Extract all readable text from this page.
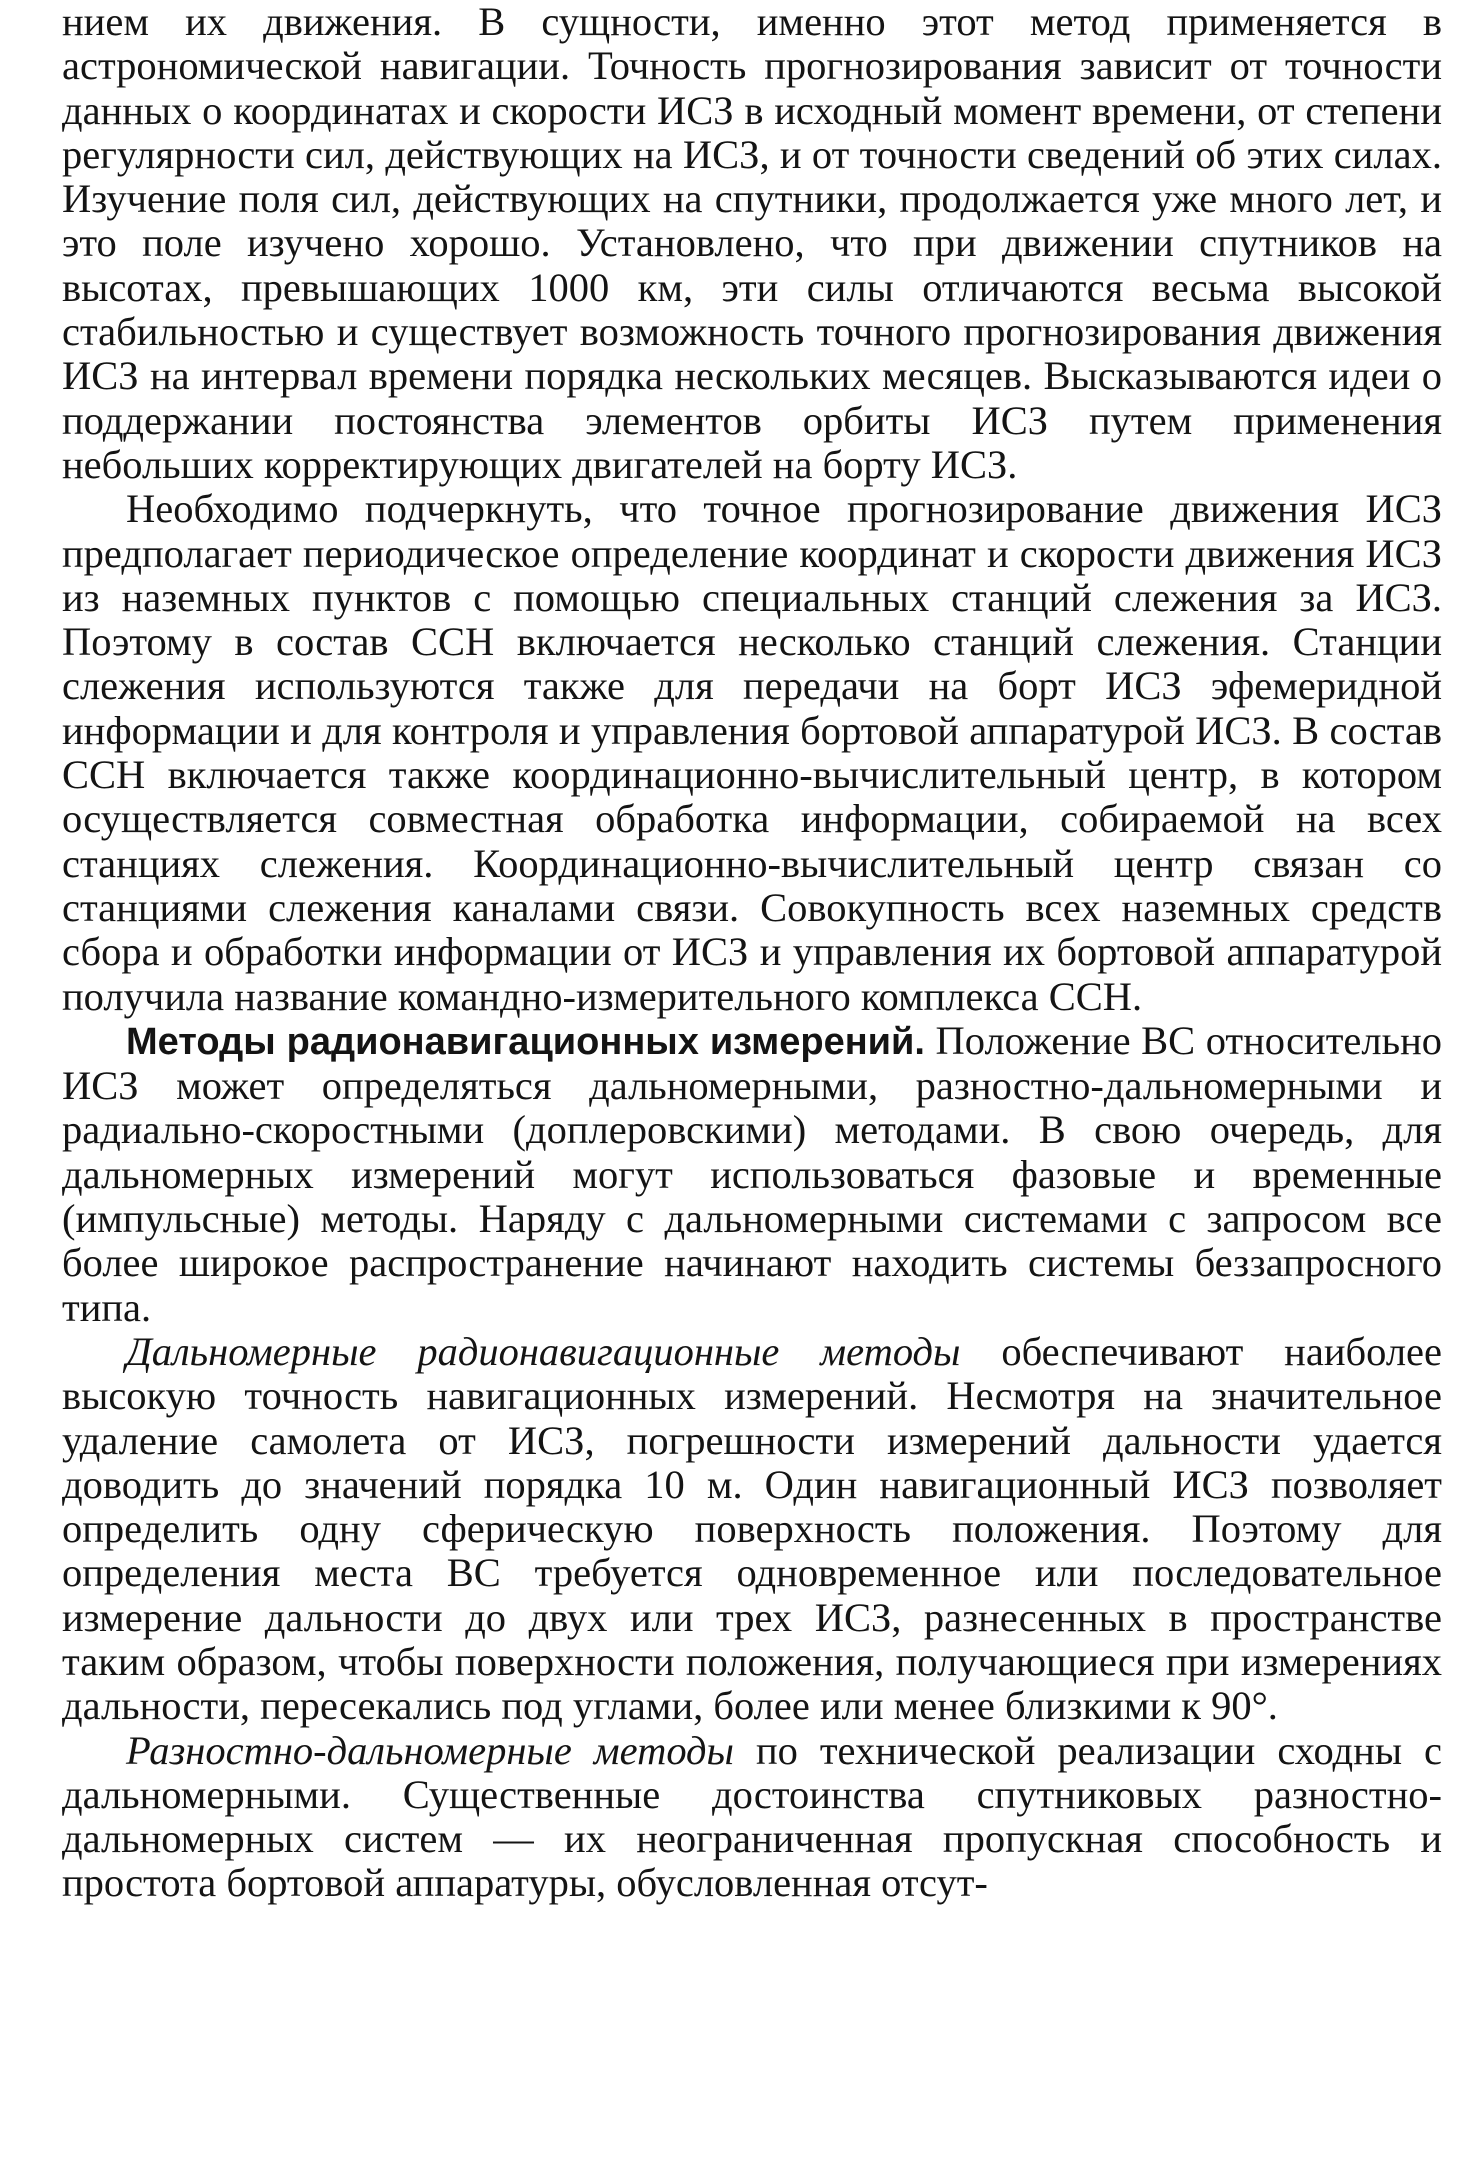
нием их движения. В сущности, именно этот метод применяется в астрономической навигации. Точность прогнозирования зависит от точности данных о координатах и скорости ИСЗ в исходный момент времени, от степени регулярности сил, действующих на ИСЗ, и от точности сведений об этих силах. Изучение поля сил, действующих на спутники, продолжается уже много лет, и это поле изучено хорошо. Установлено, что при движении спутников на высотах, превышающих 1000 км, эти силы отличаются весьма высокой стабильностью и существует возможность точного прогнозирования движения ИСЗ на интервал времени порядка нескольких месяцев. Высказываются идеи о поддержании постоянства элементов орбиты ИСЗ путем применения небольших корректирующих двигателей на борту ИСЗ.

Необходимо подчеркнуть, что точное прогнозирование движения ИСЗ предполагает периодическое определение координат и скорости движения ИСЗ из наземных пунктов с помощью специальных станций слежения за ИСЗ. Поэтому в состав ССН включается несколько станций слежения. Станции слежения используются также для передачи на борт ИСЗ эфемеридной информации и для контроля и управления бортовой аппаратурой ИСЗ. В состав ССН включается также координационно-вычислительный центр, в котором осуществляется совместная обработка информации, собираемой на всех станциях слежения. Координационно-вычислительный центр связан со станциями слежения каналами связи. Совокупность всех наземных средств сбора и обработки информации от ИСЗ и управления их бортовой аппаратурой получила название командно-измерительного комплекса ССН.

Методы радионавигационных измерений. Положение ВС относительно ИСЗ может определяться дальномерными, разностно-дальномерными и радиально-скоростными (доплеровскими) методами. В свою очередь, для дальномерных измерений могут использоваться фазовые и временные (импульсные) методы. Наряду с дальномерными системами с запросом все более широкое распространение начинают находить системы беззапросного типа.

Дальномерные радионавигационные методы обеспечивают наиболее высокую точность навигационных измерений. Несмотря на значительное удаление самолета от ИСЗ, погрешности измерений дальности удается доводить до значений порядка 10 м. Один навигационный ИСЗ позволяет определить одну сферическую поверхность положения. Поэтому для определения места ВС требуется одновременное или последовательное измерение дальности до двух или трех ИСЗ, разнесенных в пространстве таким образом, чтобы поверхности положения, получающиеся при измерениях дальности, пересекались под углами, более или менее близкими к 90°.

Разностно-дальномерные методы по технической реализации сходны с дальномерными. Существенные достоинства спутниковых разностно-дальномерных систем — их неограниченная пропускная способность и простота бортовой аппаратуры, обусловленная отсут-
